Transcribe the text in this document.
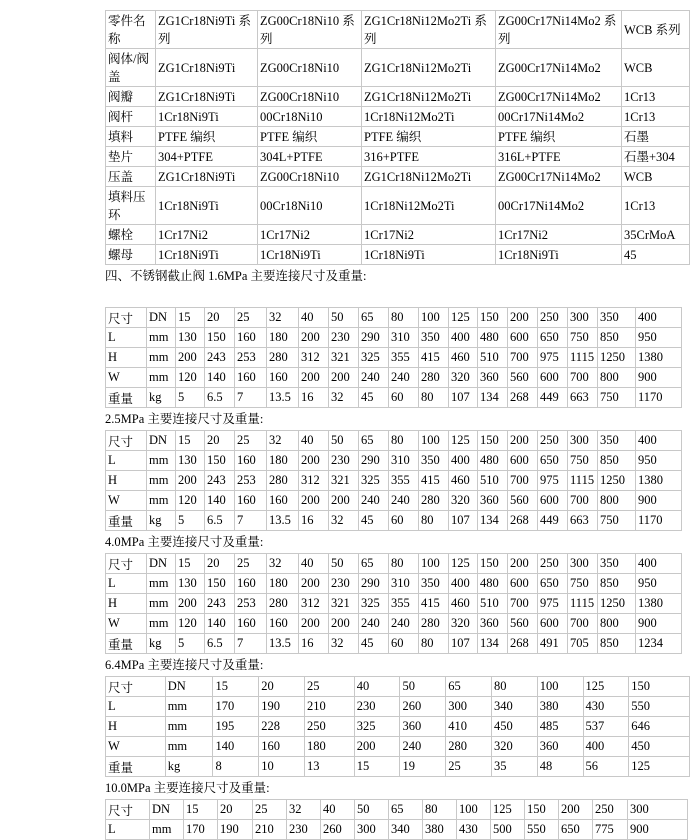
零件名称	ZG1Cr18Ni9Ti 系列	ZG00Cr18Ni10 系列	ZG1Cr18Ni12Mo2Ti 系列	ZG00Cr17Ni14Mo2 系列	WCB 系列
阀体/阀盖	ZG1Cr18Ni9Ti	ZG00Cr18Ni10	ZG1Cr18Ni12Mo2Ti	ZG00Cr17Ni14Mo2	WCB
阀瓣	ZG1Cr18Ni9Ti	ZG00Cr18Ni10	ZG1Cr18Ni12Mo2Ti	ZG00Cr17Ni14Mo2	1Cr13
阀杆	1Cr18Ni9Ti	00Cr18Ni10	1Cr18Ni12Mo2Ti	00Cr17Ni14Mo2	1Cr13
填料	PTFE 编织	PTFE 编织	PTFE 编织	PTFE 编织	石墨
垫片	304+PTFE	304L+PTFE	316+PTFE	316L+PTFE	石墨+304
压盖	ZG1Cr18Ni9Ti	ZG00Cr18Ni10	ZG1Cr18Ni12Mo2Ti	ZG00Cr17Ni14Mo2	WCB
填料压环	1Cr18Ni9Ti	00Cr18Ni10	1Cr18Ni12Mo2Ti	00Cr17Ni14Mo2	1Cr13
螺栓	1Cr17Ni2	1Cr17Ni2	1Cr17Ni2	1Cr17Ni2	35CrMoA
螺母	1Cr18Ni9Ti	1Cr18Ni9Ti	1Cr18Ni9Ti	1Cr18Ni9Ti	45
四、不锈钢截止阀 1.6MPa 主要连接尺寸及重量:
尺寸	DN	15	20	25	32	40	50	65	80	100	125	150	200	250	300	350	400
L	mm	130	150	160	180	200	230	290	310	350	400	480	600	650	750	850	950
H	mm	200	243	253	280	312	321	325	355	415	460	510	700	975	1115	1250	1380
W	mm	120	140	160	160	200	200	240	240	280	320	360	560	600	700	800	900
重量	kg	5	6.5	7	13.5	16	32	45	60	80	107	134	268	449	663	750	1170
2.5MPa 主要连接尺寸及重量:
尺寸	DN	15	20	25	32	40	50	65	80	100	125	150	200	250	300	350	400
L	mm	130	150	160	180	200	230	290	310	350	400	480	600	650	750	850	950
H	mm	200	243	253	280	312	321	325	355	415	460	510	700	975	1115	1250	1380
W	mm	120	140	160	160	200	200	240	240	280	320	360	560	600	700	800	900
重量	kg	5	6.5	7	13.5	16	32	45	60	80	107	134	268	449	663	750	1170
4.0MPa 主要连接尺寸及重量:
尺寸	DN	15	20	25	32	40	50	65	80	100	125	150	200	250	300	350	400
L	mm	130	150	160	180	200	230	290	310	350	400	480	600	650	750	850	950
H	mm	200	243	253	280	312	321	325	355	415	460	510	700	975	1115	1250	1380
W	mm	120	140	160	160	200	200	240	240	280	320	360	560	600	700	800	900
重量	kg	5	6.5	7	13.5	16	32	45	60	80	107	134	268	491	705	850	1234
6.4MPa 主要连接尺寸及重量:
尺寸	DN	15	20	25	40	50	65	80	100	125	150
L	mm	170	190	210	230	260	300	340	380	430	550
H	mm	195	228	250	325	360	410	450	485	537	646
W	mm	140	160	180	200	240	280	320	360	400	450
重量	kg	8	10	13	15	19	25	35	48	56	125
10.0MPa 主要连接尺寸及重量:
尺寸	DN	15	20	25	32	40	50	65	80	100	125	150	200	250	300
L	mm	170	190	210	230	260	300	340	380	430	500	550	650	775	900
